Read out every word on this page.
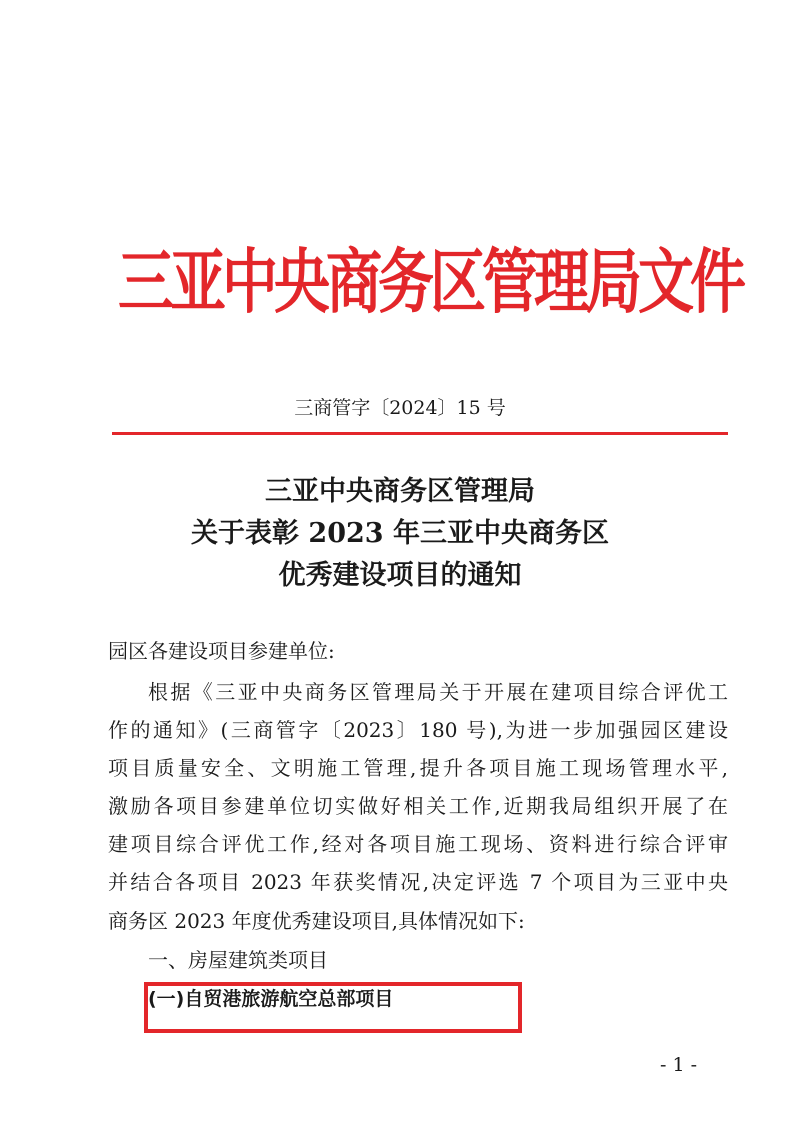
三亚中央商务区管理局文件
三商管字〔2024〕15 号
三亚中央商务区管理局
关于表彰 2023 年三亚中央商务区
优秀建设项目的通知
园区各建设项目参建单位:
根据《三亚中央商务区管理局关于开展在建项目综合评优工
作的通知》(三商管字〔2023〕180 号),为进一步加强园区建设
项目质量安全、文明施工管理,提升各项目施工现场管理水平,
激励各项目参建单位切实做好相关工作,近期我局组织开展了在
建项目综合评优工作,经对各项目施工现场、资料进行综合评审
并结合各项目 2023 年获奖情况,决定评选 7 个项目为三亚中央
商务区 2023 年度优秀建设项目,具体情况如下:
一、房屋建筑类项目
(一)自贸港旅游航空总部项目
- 1 -
